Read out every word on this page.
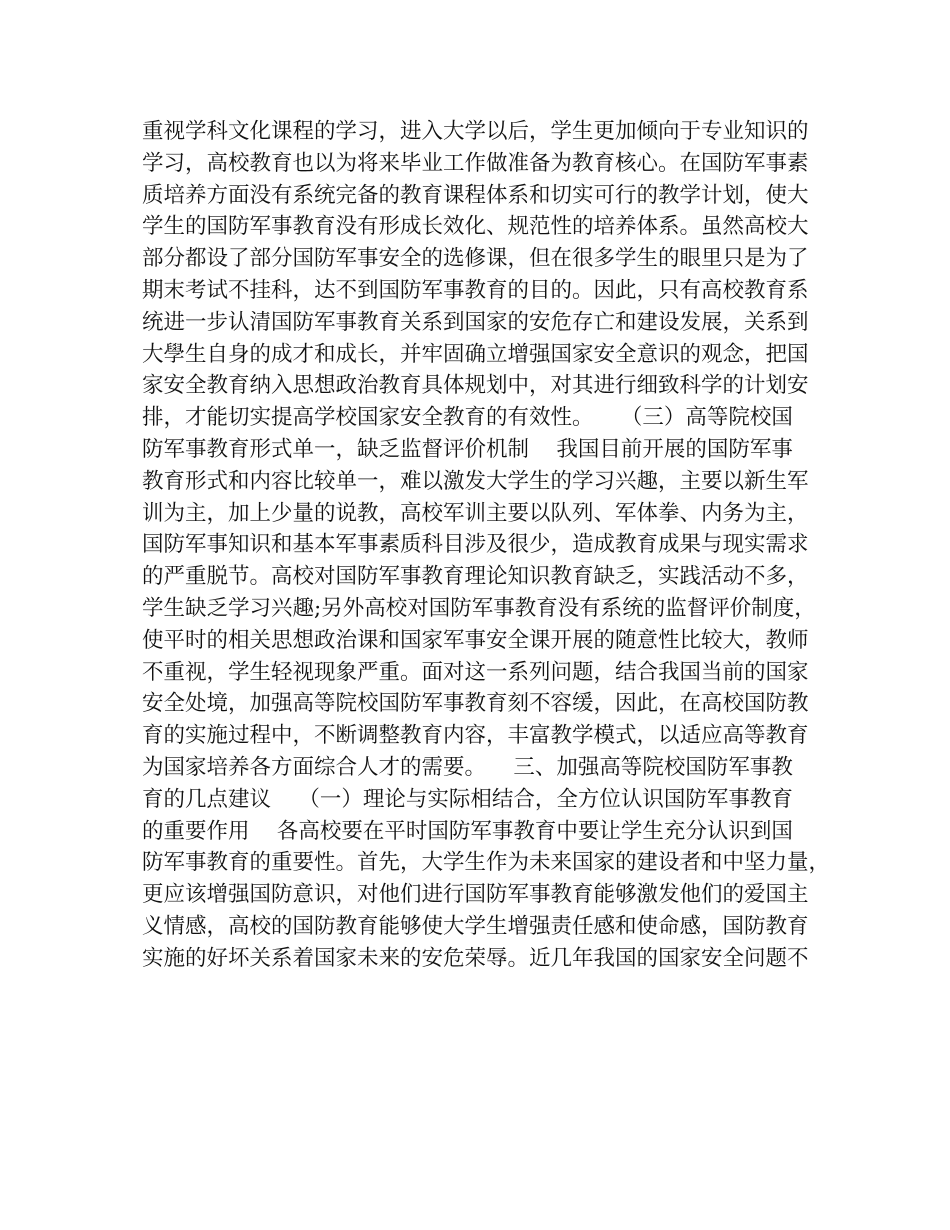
重视学科文化课程的学习，进入大学以后，学生更加倾向于专业知识的
学习，高校教育也以为将来毕业工作做准备为教育核心。在国防军事素
质培养方面没有系统完备的教育课程体系和切实可行的教学计划，使大
学生的国防军事教育没有形成长效化、规范性的培养体系。虽然高校大
部分都设了部分国防军事安全的选修课，但在很多学生的眼里只是为了
期末考试不挂科，达不到国防军事教育的目的。因此，只有高校教育系
统进一步认清国防军事教育关系到国家的安危存亡和建设发展，关系到
大學生自身的成才和成长，并牢固确立增强国家安全意识的观念，把国
家安全教育纳入思想政治教育具体规划中，对其进行细致科学的计划安
排，才能切实提高学校国家安全教育的有效性。    （三）高等院校国
防军事教育形式单一，缺乏监督评价机制    我国目前开展的国防军事
教育形式和内容比较单一，难以激发大学生的学习兴趣，主要以新生军
训为主，加上少量的说教，高校军训主要以队列、军体拳、内务为主，
国防军事知识和基本军事素质科目涉及很少，造成教育成果与现实需求
的严重脱节。高校对国防军事教育理论知识教育缺乏，实践活动不多，
学生缺乏学习兴趣;另外高校对国防军事教育没有系统的监督评价制度，
使平时的相关思想政治课和国家军事安全课开展的随意性比较大，教师
不重视，学生轻视现象严重。面对这一系列问题，结合我国当前的国家
安全处境，加强高等院校国防军事教育刻不容缓，因此，在高校国防教
育的实施过程中，不断调整教育内容，丰富教学模式，以适应高等教育
为国家培养各方面综合人才的需要。    三、加强高等院校国防军事教
育的几点建议    （一）理论与实际相结合，全方位认识国防军事教育
的重要作用    各高校要在平时国防军事教育中要让学生充分认识到国
防军事教育的重要性。首先，大学生作为未来国家的建设者和中坚力量，
更应该增强国防意识，对他们进行国防军事教育能够激发他们的爱国主
义情感，高校的国防教育能够使大学生增强责任感和使命感，国防教育
实施的好坏关系着国家未来的安危荣辱。近几年我国的国家安全问题不
